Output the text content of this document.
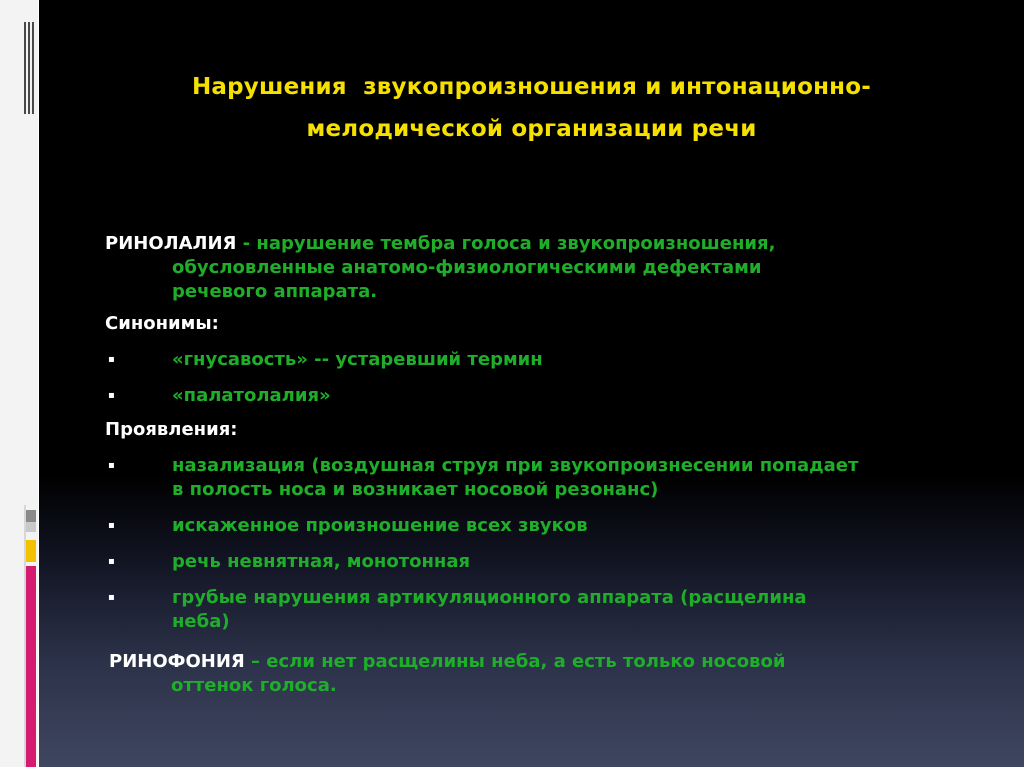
Нарушения  звукопроизношения и интонационно-
мелодической организации речи
РИНОЛАЛИЯ - нарушение тембра голоса и звукопроизношения,
обусловленные анатомо-физиологическими дефектами
речевого аппарата.
Синонимы:
▪	«гнусавость» -- устаревший термин
▪	«палатолалия»
Проявления:
▪	назализация (воздушная струя при звукопроизнесении попадает
в полость носа и возникает носовой резонанс)
▪	искаженное произношение всех звуков
▪	речь невнятная, монотонная
▪	грубые нарушения артикуляционного аппарата (расщелина
неба)
РИНОФОНИЯ – если нет расщелины неба, а есть только носовой
оттенок голоса.
